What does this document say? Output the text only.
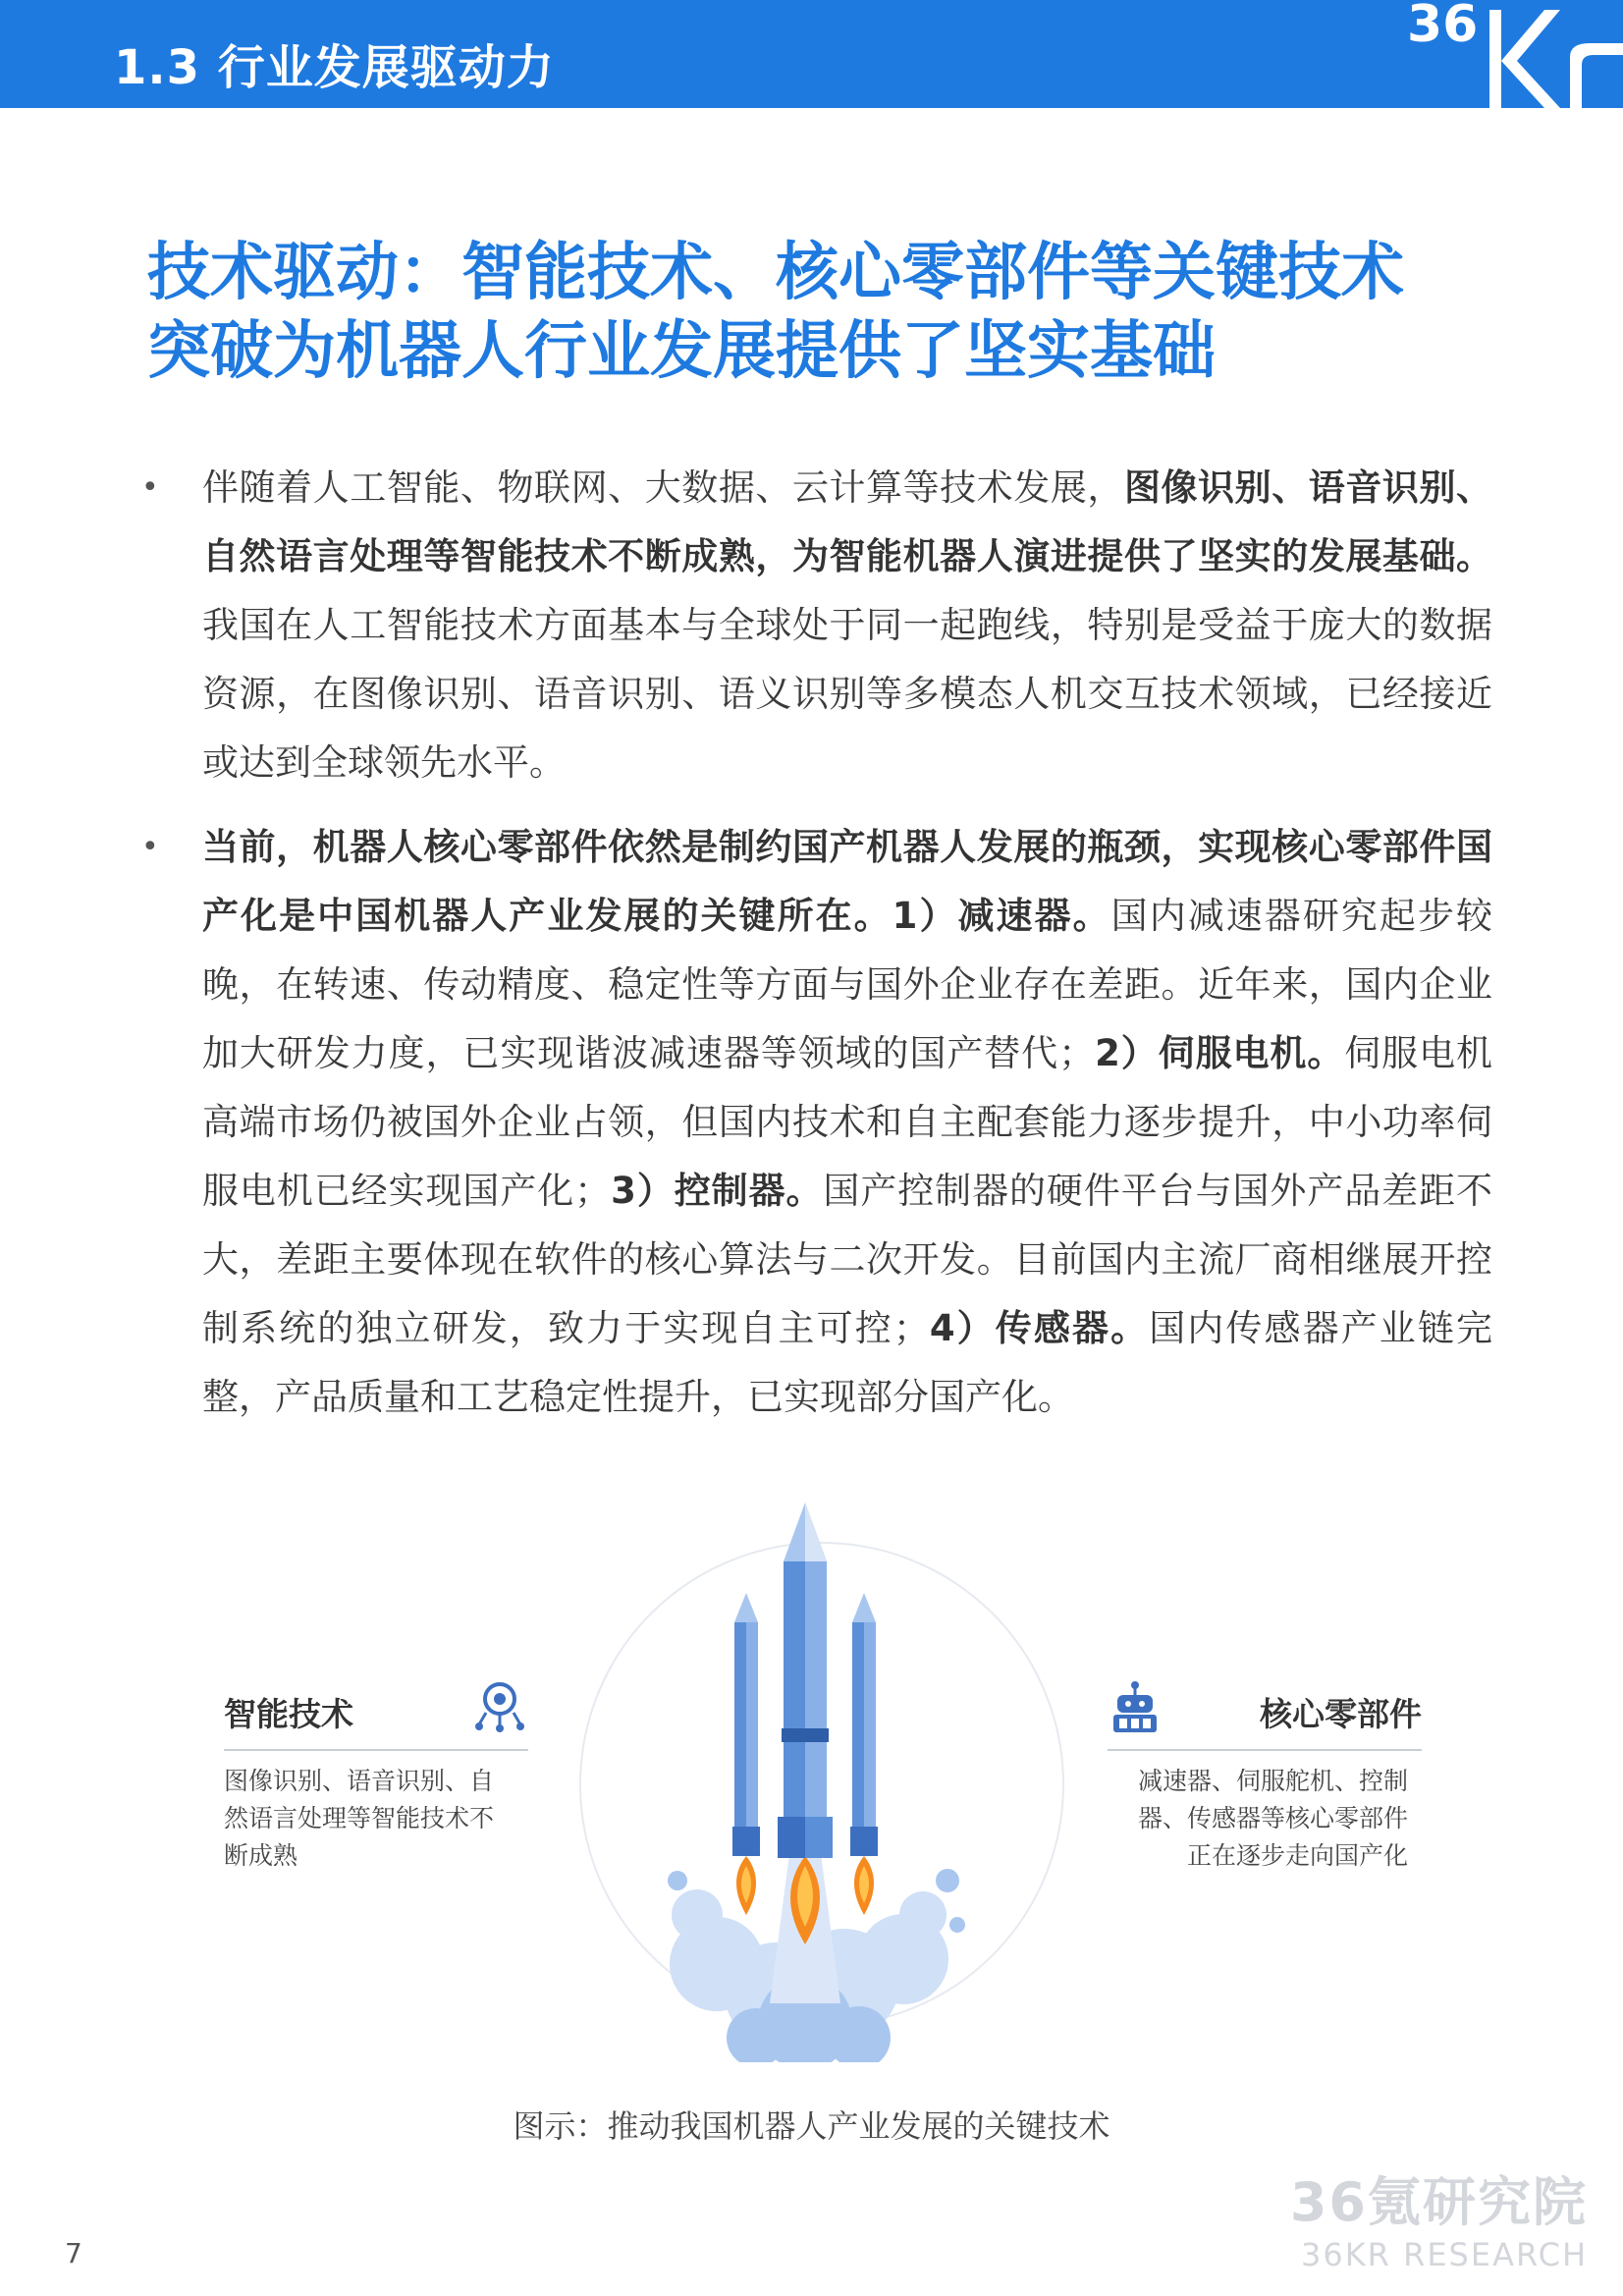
1.3 行业发展驱动力
36
技术驱动：智能技术、核心零部件等关键技术
突破为机器人行业发展提供了坚实基础
• 伴随着人工智能、物联网、大数据、云计算等技术发展，图像识别、语音识别、自然语言处理等智能技术不断成熟，为智能机器人演进提供了坚实的发展基础。我国在人工智能技术方面基本与全球处于同一起跑线，特别是受益于庞大的数据资源，在图像识别、语音识别、语义识别等多模态人机交互技术领域，已经接近或达到全球领先水平。
• 当前，机器人核心零部件依然是制约国产机器人发展的瓶颈，实现核心零部件国产化是中国机器人产业发展的关键所在。1）减速器。国内减速器研究起步较晚，在转速、传动精度、稳定性等方面与国外企业存在差距。近年来，国内企业加大研发力度，已实现谐波减速器等领域的国产替代；2）伺服电机。伺服电机高端市场仍被国外企业占领，但国内技术和自主配套能力逐步提升，中小功率伺服电机已经实现国产化；3）控制器。国产控制器的硬件平台与国外产品差距不大，差距主要体现在软件的核心算法与二次开发。目前国内主流厂商相继展开控制系统的独立研发，致力于实现自主可控；4）传感器。国内传感器产业链完整，产品质量和工艺稳定性提升，已实现部分国产化。
智能技术
图像识别、语音识别、自
然语言处理等智能技术不
断成熟
核心零部件
减速器、伺服舵机、控制
器、传感器等核心零部件
正在逐步走向国产化
图示：推动我国机器人产业发展的关键技术
7
36氪研究院
36KR RESEARCH
